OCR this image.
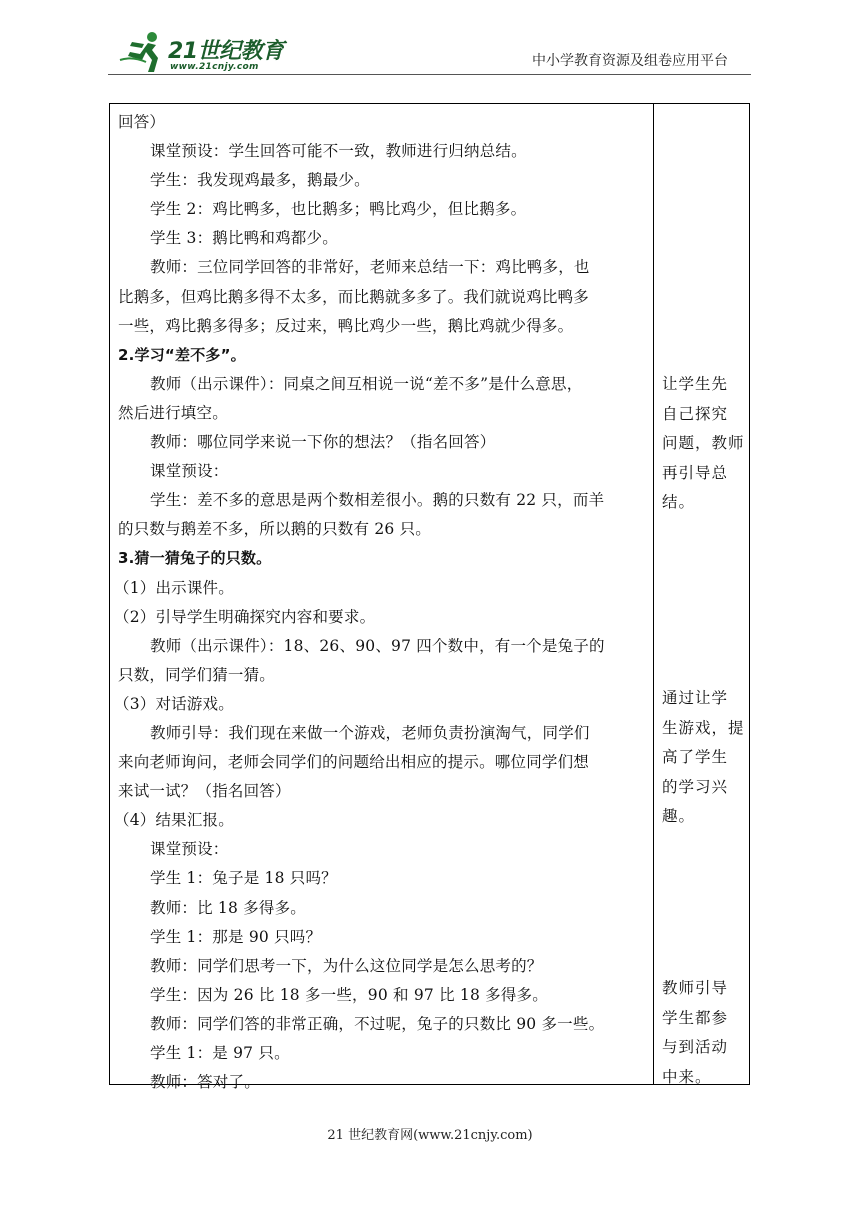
21世纪教育
www.21cnjy.com	中小学教育资源及组卷应用平台
回答）
课堂预设：学生回答可能不一致，教师进行归纳总结。
学生：我发现鸡最多，鹅最少。
学生 2：鸡比鸭多，也比鹅多；鸭比鸡少，但比鹅多。
学生 3：鹅比鸭和鸡都少。
教师：三位同学回答的非常好，老师来总结一下：鸡比鸭多，也
比鹅多，但鸡比鹅多得不太多，而比鹅就多多了。我们就说鸡比鸭多
一些，鸡比鹅多得多；反过来，鸭比鸡少一些，鹅比鸡就少得多。
2.学习“差不多”。
教师（出示课件）：同桌之间互相说一说“差不多”是什么意思，
然后进行填空。
教师：哪位同学来说一下你的想法？（指名回答）
课堂预设：
学生：差不多的意思是两个数相差很小。鹅的只数有 22 只，而羊
的只数与鹅差不多，所以鹅的只数有 26 只。
3.猜一猜兔子的只数。
（1）出示课件。
（2）引导学生明确探究内容和要求。
教师（出示课件）：18、26、90、97 四个数中，有一个是兔子的
只数，同学们猜一猜。
（3）对话游戏。
教师引导：我们现在来做一个游戏，老师负责扮演淘气，同学们
来向老师询问，老师会同学们的问题给出相应的提示。哪位同学们想
来试一试？（指名回答）
（4）结果汇报。
课堂预设：
学生 1：兔子是 18 只吗？
教师：比 18 多得多。
学生 1：那是 90 只吗？
教师：同学们思考一下，为什么这位同学是怎么思考的？
学生：因为 26 比 18 多一些，90 和 97 比 18 多得多。
教师：同学们答的非常正确，不过呢，兔子的只数比 90 多一些。
学生 1：是 97 只。
教师：答对了。
让学生先
自己探究
问题，教师
再引导总
结。
通过让学
生游戏，提
高了学生
的学习兴
趣。
教师引导
学生都参
与到活动
中来。
21 世纪教育网(www.21cnjy.com)
